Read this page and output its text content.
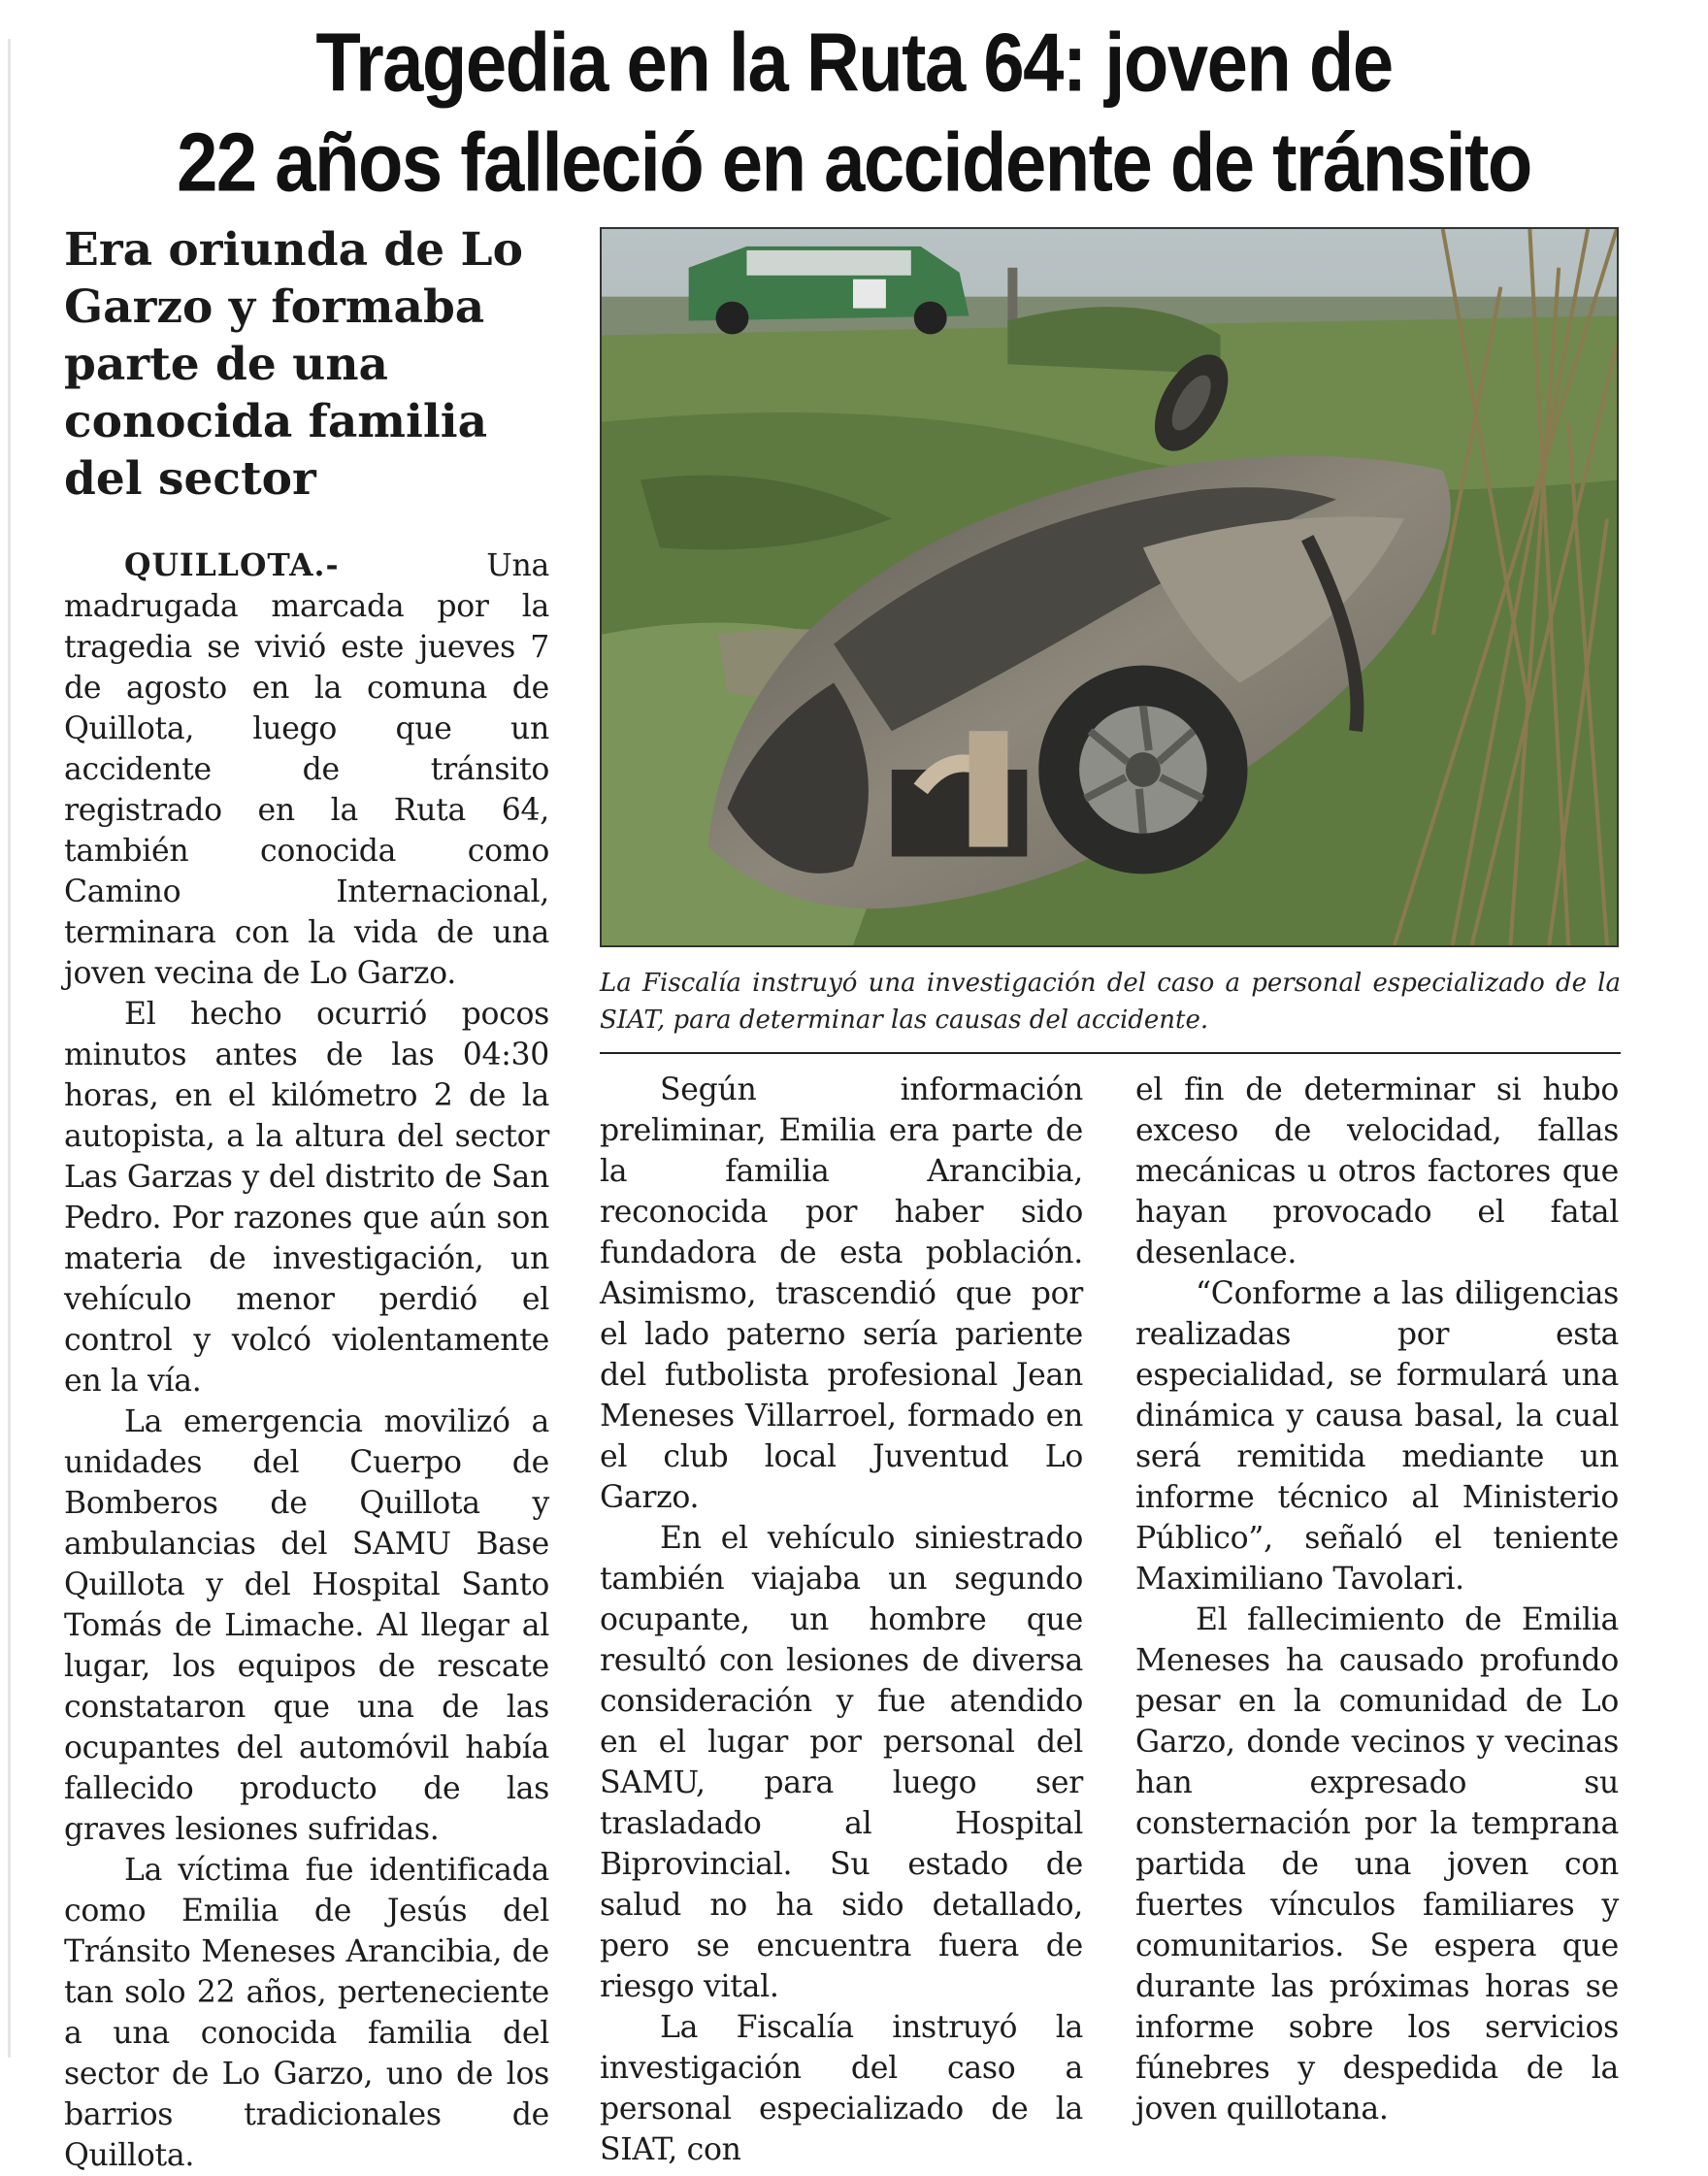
Tragedia en la Ruta 64: joven de
22 años falleció en accidente de tránsito
Era oriunda de Lo Garzo y formaba parte de una conocida familia del sector

QUILLOTA.-	Una madrugada marcada por la tragedia se vivió este jueves 7 de agosto en la comuna de Quillota, luego que un accidente de tránsito registrado en la Ruta 64, también conocida como Camino Internacional, terminara con la vida de una joven vecina de Lo Garzo.

El hecho ocurrió pocos minutos antes de las 04:30 horas, en el kilómetro 2 de la autopista, a la altura del sector Las Garzas y del distrito de San Pedro. Por razones que aún son materia de investigación, un vehículo menor perdió el control y volcó violentamente en la vía.

La emergencia movilizó a unidades del Cuerpo de Bomberos de Quillota y ambulancias del SAMU Base Quillota y del Hospital Santo Tomás de Limache. Al llegar al lugar, los equipos de rescate constataron que una de las ocupantes del automóvil había fallecido producto de las graves lesiones sufridas.

La víctima fue identificada como Emilia de Jesús del Tránsito Meneses Arancibia, de tan solo 22 años, perteneciente a una conocida familia del sector de Lo Garzo, uno de los barrios tradicionales de Quillota.

La Fiscalía instruyó una investigación del caso a personal especializado de la SIAT, para determinar las causas del accidente.

Según información preliminar, Emilia era parte de la familia Arancibia, reconocida por haber sido fundadora de esta población. Asimismo, trascendió que por el lado paterno sería pariente del futbolista profesional Jean Meneses Villarroel, formado en el club local Juventud Lo Garzo.

En el vehículo siniestrado también viajaba un segundo ocupante, un hombre que resultó con lesiones de diversa consideración y fue atendido en el lugar por personal del SAMU, para luego ser trasladado al Hospital Biprovincial. Su estado de salud no ha sido detallado, pero se encuentra fuera de riesgo vital.

La Fiscalía instruyó la investigación del caso a personal especializado de la SIAT, con

el fin de determinar si hubo exceso de velocidad, fallas mecánicas u otros factores que hayan provocado el fatal desenlace.

“Conforme a las diligencias realizadas por esta especialidad, se formulará una dinámica y causa basal, la cual será remitida mediante un informe técnico al Ministerio Público”, señaló el teniente Maximiliano Tavolari.

El fallecimiento de Emilia Meneses ha causado profundo pesar en la comunidad de Lo Garzo, donde vecinos y vecinas han expresado su consternación por la temprana partida de una joven con fuertes vínculos familiares y comunitarios. Se espera que durante las próximas horas se informe sobre los servicios fúnebres y despedida de la joven quillotana.
